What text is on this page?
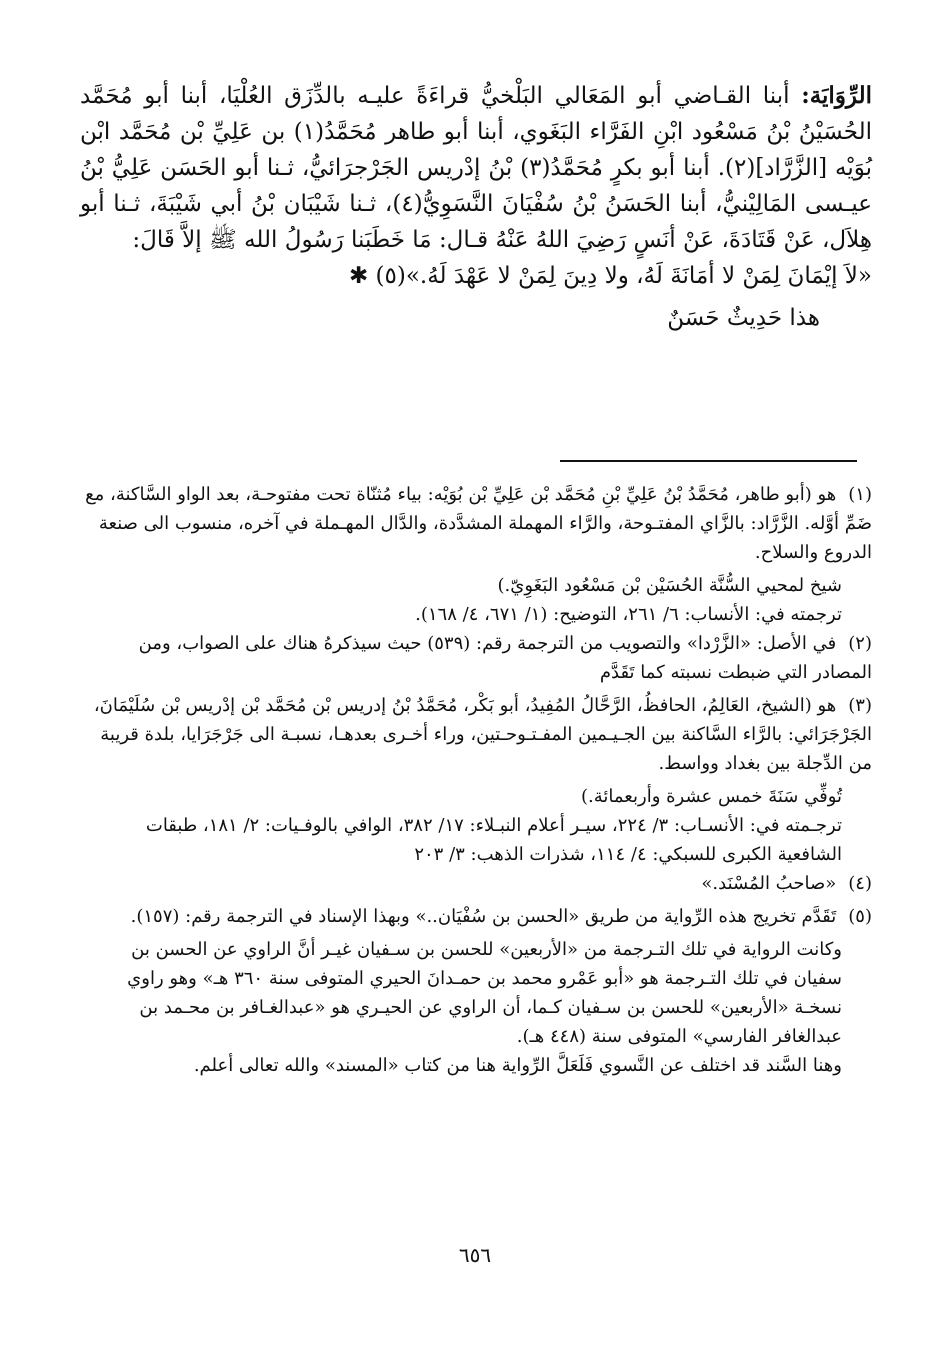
الرِّوَايَة: أبنا القـاضي أبو المَعَالي البَلْخيُّ قراءَةً عليـه بالدِّزَق العُلْيَا، أبنا أبو مُحَمَّد الحُسَيْنُ بْنُ مَسْعُود ابْنِ الفَرَّاء البَغَوي، أبنا أبو طاهر مُحَمَّدُ(١) بن عَلِيِّ بْن مُحَمَّد ابْن بُوَيْه [الزَّرَّاد](٢). أبنا أبو بكرٍ مُحَمَّدُ(٣) بْنُ إدْريس الجَرْجرَائيُّ، ثـنا أبو الحَسَن عَلِيُّ بْنُ عيـسى المَالِيْنيُّ، أبنا الحَسَنُ بْنُ سُفْيَانَ النَّسَوِيُّ(٤)، ثـنا شَيْبَان بْنُ أبي شَيْبَةَ، ثـنا أبو هِلاَل، عَنْ قَتَادَةَ، عَنْ أنَسٍ رَضِيَ اللهُ عَنْهُ قـال: مَا خَطَبَنا رَسُولُ الله ﷺ إلاَّ قَالَ:

«لاَ إيْمَانَ لِمَنْ لا أمَانَةَ لَهُ، ولا دِينَ لِمَنْ لا عَهْدَ لَهُ.»(٥) ✱

هذا حَدِيثٌ حَسَنٌ

(١) هو (أبو طاهر، مُحَمَّدُ بْنُ عَلِيِّ بْنِ مُحَمَّد بْن عَلِيِّ بْن بُوَيْه: بياء مُثنّاة تحت مفتوحـة، بعد الواو السَّاكنة، مع ضَمِّ أوَّله. الزَّرَّاد: بالزَّاي المفتـوحة، والرَّاء المهملة المشدَّدة، والدَّال المهـملة في آخره، منسوب الى صنعة الدروع والسلاح.

شيخ لمحيي السُّنَّة الحُسَيْن بْن مَسْعُود البَغَوِيّ.)

ترجمته في: الأنساب: ٦/ ٢٦١، التوضيح: (١/ ٦٧١، ٤/ ١٦٨).

(٢) في الأصل: «الزَّرْدا» والتصويب من الترجمة رقم: (٥٣٩) حيث سيذكرهُ هناك على الصواب، ومن المصادر التي ضبطت نسبته كما تَقَدَّم

(٣) هو (الشيخ، العَالِمُ، الحافظُ، الرَّحَّالُ المُفِيدُ، أبو بَكْر، مُحَمَّدُ بْنُ إدريس بْن مُحَمَّد بْن إدْريس بْن سُلَيْمَانَ، الجَرْجَرَائي: بالرَّاء السَّاكنة بين الجـيـمين المفـتـوحـتين، وراء أخـرى بعدهـا، نسبـة الى جَرْجَرَايا، بلدة قريبة من الدِّجلة بين بغداد وواسط.

تُوفِّي سَنَةَ خمس عشرة وأربعمائة.)

ترجـمته في: الأنسـاب: ٣/ ٢٢٤، سيـر أعلام النبـلاء: ١٧/ ٣٨٢، الوافي بالوفـيات: ٢/ ١٨١، طبقات الشافعية الكبرى للسبكي: ٤/ ١١٤، شذرات الذهب: ٣/ ٢٠٣

(٤) «صاحبُ المُسْنَد.»

(٥) تَقَدَّم تخريج هذه الرِّواية من طريق «الحسن بن سُفْيَان..» وبهذا الإسناد في الترجمة رقم: (١٥٧).

وكانت الرواية في تلك التـرجمة من «الأربعين» للحسن بن سـفيان غيـر أنَّ الراوي عن الحسن بن سفيان في تلك التـرجمة هو «أبو عَمْرو محمد بن حمـدانَ الحيري المتوفى سنة ٣٦٠ هـ» وهو راوي نسخـة «الأربعين» للحسن بن سـفيان كـما، أن الراوي عن الحيـري هو «عبدالغـافر بن محـمد بن عبدالغافر الفارسي» المتوفى سنة (٤٤٨ هـ).

وهنا السَّند قد اختلف عن النَّسوي فَلَعَلَّ الرِّواية هنا من كتاب «المسند» والله تعالى أعلم.

٦٥٦
